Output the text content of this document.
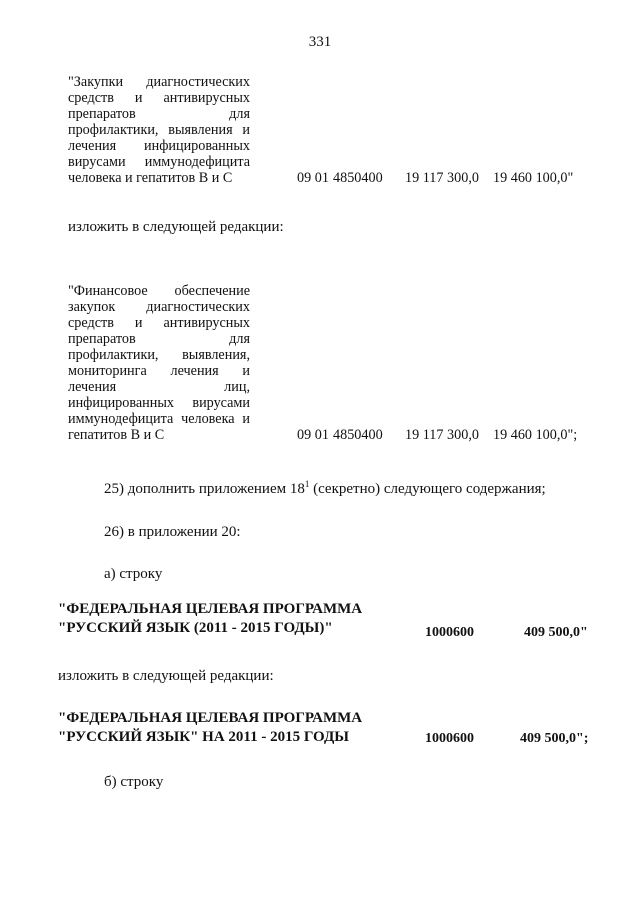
331
"Закупки диагностических
средств и антивирусных
препаратов для
профилактики, выявления и
лечения инфицированных
вирусами иммунодефицита
человека и гепатитов В и С	09 01 4850400 19 117 300,0 19 460 100,0"
изложить в следующей редакции:
"Финансовое обеспечение
закупок диагностических
средств и антивирусных
препаратов для
профилактики, выявления,
мониторинга лечения и
лечения лиц,
инфицированных вирусами
иммунодефицита человека и
гепатитов В и С	09 01 4850400 19 117 300,0 19 460 100,0";
25) дополнить приложением $18^1$ (секретно) следующего содержания;
26) в приложении 20:
а) строку
"ФЕДЕРАЛЬНАЯ ЦЕЛЕВАЯ ПРОГРАММА
"РУССКИЙ ЯЗЫК (2011 - 2015 ГОДЫ)"	1000600	409 500,0"
изложить в следующей редакции:
"ФЕДЕРАЛЬНАЯ ЦЕЛЕВАЯ ПРОГРАММА
"РУССКИЙ ЯЗЫК" НА 2011 - 2015 ГОДЫ	1000600	409 500,0";
б) строку
